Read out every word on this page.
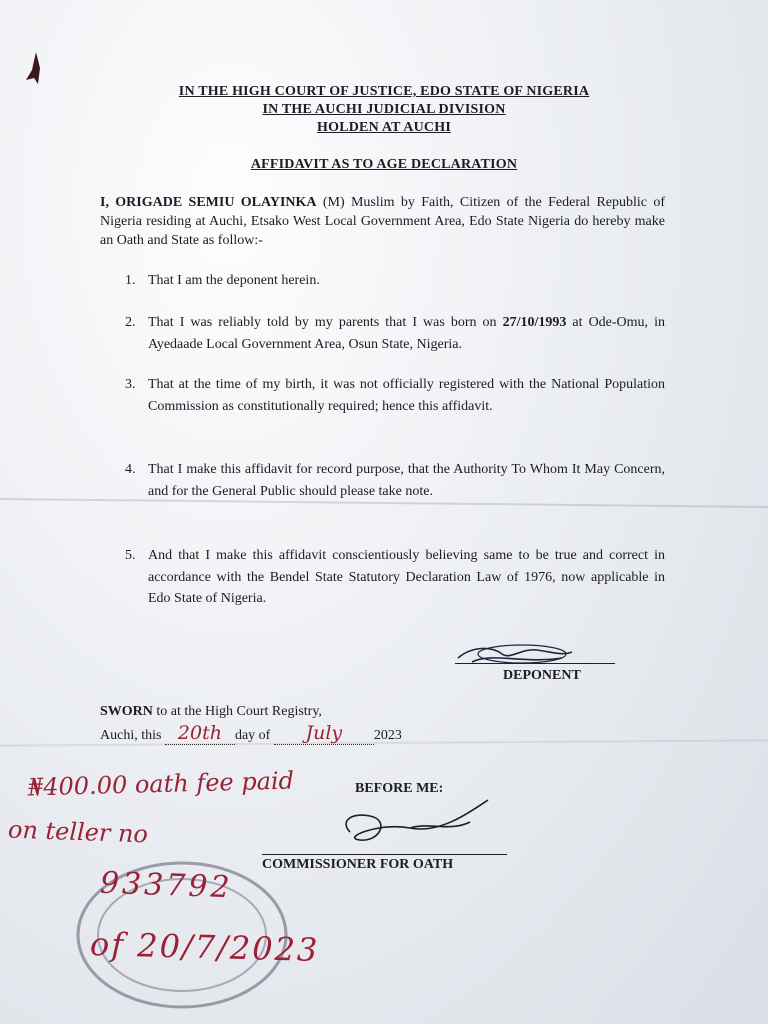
IN THE HIGH COURT OF JUSTICE, EDO STATE OF NIGERIA
IN THE AUCHI JUDICIAL DIVISION
HOLDEN AT AUCHI
AFFIDAVIT AS TO AGE DECLARATION
I, ORIGADE SEMIU OLAYINKA (M) Muslim by Faith, Citizen of the Federal Republic of Nigeria residing at Auchi, Etsako West Local Government Area, Edo State Nigeria do hereby make an Oath and State as follow:-
1. That I am the deponent herein.
2. That I was reliably told by my parents that I was born on 27/10/1993 at Ode-Omu, in Ayedaade Local Government Area, Osun State, Nigeria.
3. That at the time of my birth, it was not officially registered with the National Population Commission as constitutionally required; hence this affidavit.
4. That I make this affidavit for record purpose, that the Authority To Whom It May Concern, and for the General Public should please take note.
5. And that I make this affidavit conscientiously believing same to be true and correct in accordance with the Bendel State Statutory Declaration Law of 1976, now applicable in Edo State of Nigeria.
DEPONENT
SWORN to at the High Court Registry,
Auchi, this 20th day of July 2023
BEFORE ME:
COMMISSIONER FOR OATH
₦400.00 oath fee paid
on teller no
933792
of 20/7/2023
